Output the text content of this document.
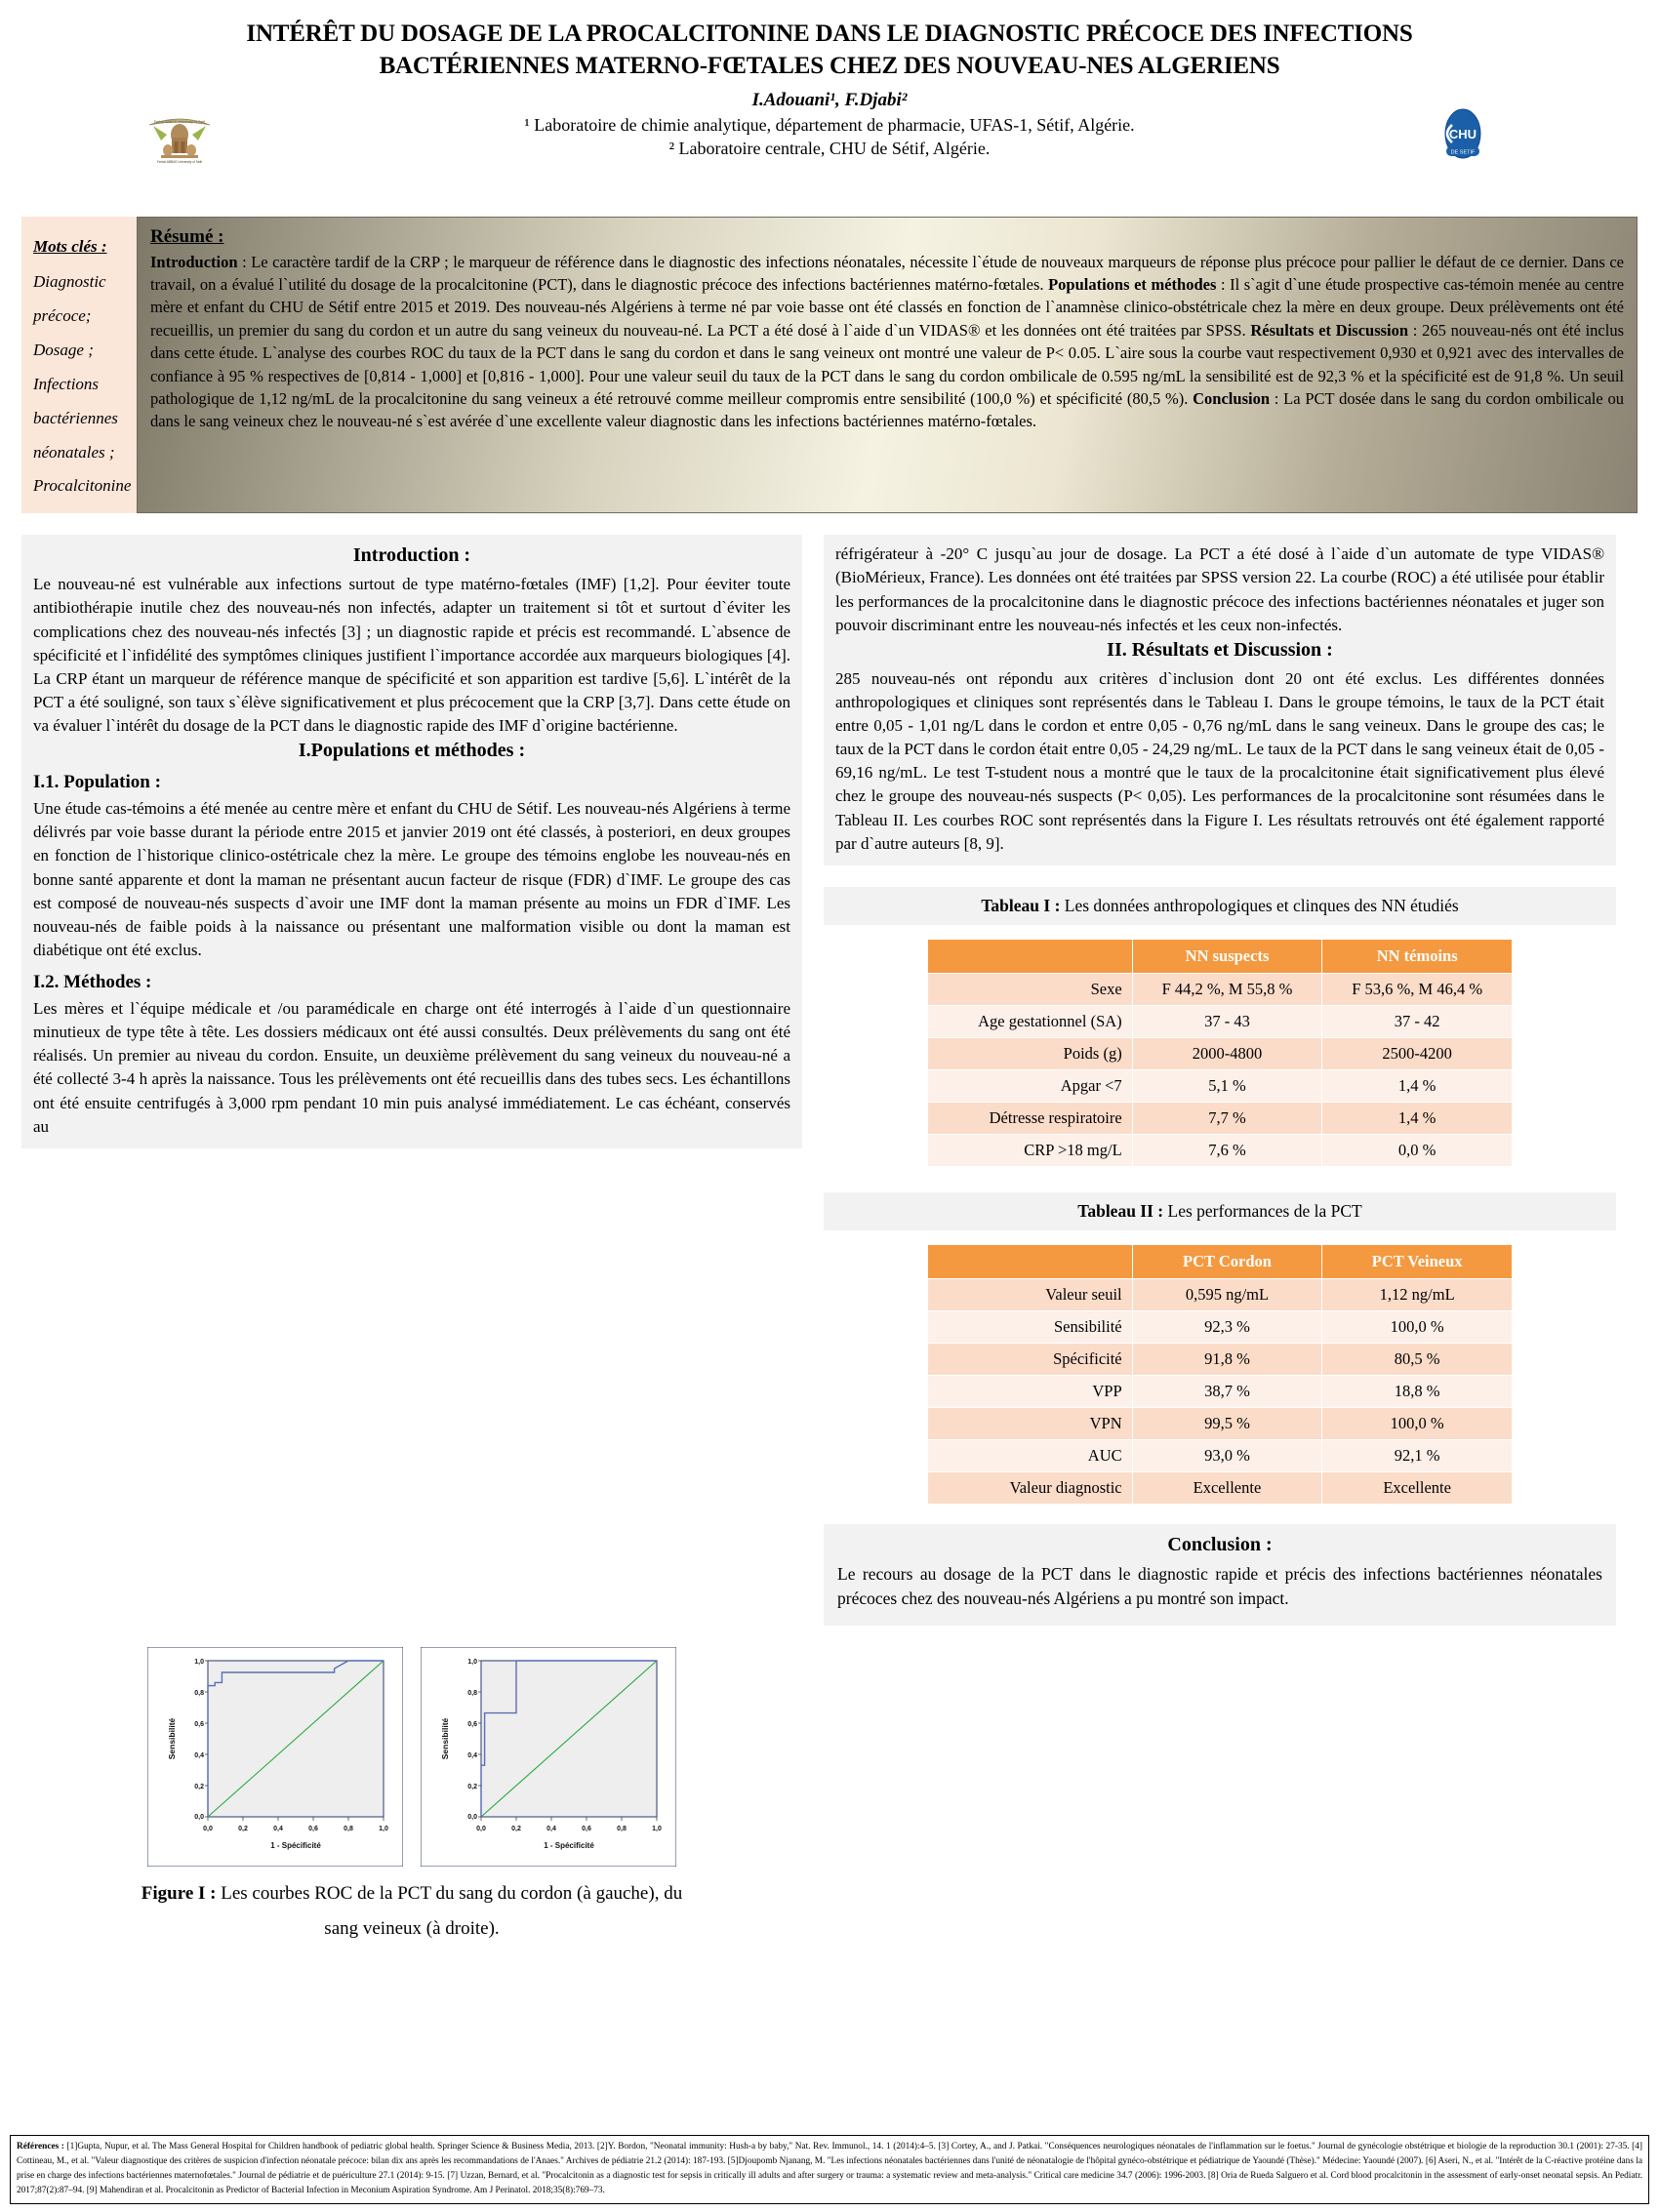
INTÉRÊT DU DOSAGE DE LA PROCALCITONINE DANS LE DIAGNOSTIC PRÉCOCE DES INFECTIONS
BACTÉRIENNES MATERNO-FŒTALES CHEZ DES NOUVEAU-NES ALGERIENS
I.Adouani¹, F.Djabi²
Ferhat ABBAS University of Setif
Ferhat ABBAS University of Setif
CHU
DE SETIF
¹ Laboratoire de chimie analytique, département de pharmacie, UFAS-1, Sétif, Algérie.
² Laboratoire centrale, CHU de Sétif, Algérie.
Mots clés :
Diagnostic
précoce;
Dosage ;
Infections
bactériennes
néonatales ;
Procalcitonine
Résumé :
Introduction : Le caractère tardif de la CRP ; le marqueur de référence dans le diagnostic des infections néonatales, nécessite l`étude de nouveaux marqueurs de réponse plus précoce pour pallier le défaut de ce dernier. Dans ce travail, on a évalué l`utilité du dosage de la procalcitonine (PCT), dans le diagnostic précoce des infections bactériennes matérno-fœtales. Populations et méthodes : Il s`agit d`une étude prospective cas-témoin menée au centre mère et enfant du CHU de Sétif entre 2015 et 2019. Des nouveau-nés Algériens à terme né par voie basse ont été classés en fonction de l`anamnèse clinico-obstétricale chez la mère en deux groupe. Deux prélèvements ont été recueillis, un premier du sang du cordon et un autre du sang veineux du nouveau-né. La PCT a été dosé à l`aide d`un VIDAS® et les données ont été traitées par SPSS. Résultats et Discussion : 265 nouveau-nés ont été inclus dans cette étude. L`analyse des courbes ROC du taux de la PCT dans le sang du cordon et dans le sang veineux ont montré une valeur de P< 0.05. L`aire sous la courbe vaut respectivement 0,930 et 0,921 avec des intervalles de confiance à 95 % respectives de [0,814 - 1,000] et [0,816 - 1,000]. Pour une valeur seuil du taux de la PCT dans le sang du cordon ombilicale de 0.595 ng/mL la sensibilité est de 92,3 % et la spécificité est de 91,8 %. Un seuil pathologique de 1,12 ng/mL de la procalcitonine du sang veineux a été retrouvé comme meilleur compromis entre sensibilité (100,0 %) et spécificité (80,5 %). Conclusion : La PCT dosée dans le sang du cordon ombilicale ou dans le sang veineux chez le nouveau-né s`est avérée d`une excellente valeur diagnostic dans les infections bactériennes matérno-fœtales.
Introduction :
Le nouveau-né est vulnérable aux infections surtout de type matérno-fœtales (IMF) [1,2]. Pour éeviter toute antibiothérapie inutile chez des nouveau-nés non infectés, adapter un traitement si tôt et surtout d`éviter les complications chez des nouveau-nés infectés [3] ; un diagnostic rapide et précis est recommandé. L`absence de spécificité et l`infidélité des symptômes cliniques justifient l`importance accordée aux marqueurs biologiques [4]. La CRP étant un marqueur de référence manque de spécificité et son apparition est tardive [5,6]. L`intérêt de la PCT a été souligné, son taux s`élève significativement et plus précocement que la CRP [3,7]. Dans cette étude on va évaluer l`intérêt du dosage de la PCT dans le diagnostic rapide des IMF d`origine bactérienne.
I.Populations et méthodes :
I.1. Population :
Une étude cas-témoins a été menée au centre mère et enfant du CHU de Sétif. Les nouveau-nés Algériens à terme délivrés par voie basse durant la période entre 2015 et janvier 2019 ont été classés, à posteriori, en deux groupes en fonction de l`historique clinico-ostétricale chez la mère. Le groupe des témoins englobe les nouveau-nés en bonne santé apparente et dont la maman ne présentant aucun facteur de risque (FDR) d`IMF. Le groupe des cas est composé de nouveau-nés suspects d`avoir une IMF dont la maman présente au moins un FDR d`IMF. Les nouveau-nés de faible poids à la naissance ou présentant une malformation visible ou dont la maman est diabétique ont été exclus.
I.2. Méthodes :
Les mères et l`équipe médicale et /ou paramédicale en charge ont été interrogés à l`aide d`un questionnaire minutieux de type tête à tête. Les dossiers médicaux ont été aussi consultés. Deux prélèvements du sang ont été réalisés. Un premier au niveau du cordon. Ensuite, un deuxième prélèvement du sang veineux du nouveau-né a été collecté 3-4 h après la naissance. Tous les prélèvements ont été recueillis dans des tubes secs. Les échantillons ont été ensuite centrifugés à 3,000 rpm pendant 10 min puis analysé immédiatement. Le cas échéant, conservés au
réfrigérateur à -20° C jusqu`au jour de dosage. La PCT a été dosé à l`aide d`un automate de type VIDAS® (BioMérieux, France). Les données ont été traitées par SPSS version 22. La courbe (ROC) a été utilisée pour établir les performances de la procalcitonine dans le diagnostic précoce des infections bactériennes néonatales et juger son pouvoir discriminant entre les nouveau-nés infectés et les ceux non-infectés.
II. Résultats et Discussion :
285 nouveau-nés ont répondu aux critères d`inclusion dont 20 ont été exclus. Les différentes données anthropologiques et cliniques sont représentés dans le Tableau I. Dans le groupe témoins, le taux de la PCT était entre 0,05 - 1,01 ng/L dans le cordon et entre 0,05 - 0,76 ng/mL dans le sang veineux. Dans le groupe des cas; le taux de la PCT dans le cordon était entre 0,05 - 24,29 ng/mL. Le taux de la PCT dans le sang veineux était de 0,05 - 69,16 ng/mL. Le test T-student nous a montré que le taux de la procalcitonine était significativement plus élevé chez le groupe des nouveau-nés suspects (P< 0,05). Les performances de la procalcitonine sont résumées dans le Tableau II. Les courbes ROC sont représentés dans la Figure I. Les résultats retrouvés ont été également rapporté par d`autre auteurs [8, 9].
Tableau I : Les données anthropologiques et clinques des NN étudiés
	NN suspects	NN témoins
Sexe	F 44,2 %, M 55,8 %	F 53,6 %, M 46,4 %
Age gestationnel (SA)	37 - 43	37 - 42
Poids (g)	2000-4800	2500-4200
Apgar <7	5,1 %	1,4 %
Détresse respiratoire	7,7 %	1,4 %
CRP >18 mg/L	7,6 %	0,0 %
Tableau II : Les performances de la PCT
	PCT Cordon	PCT Veineux
Valeur seuil	0,595 ng/mL	1,12 ng/mL
Sensibilité	92,3 %	100,0 %
Spécificité	91,8 %	80,5 %
VPP	38,7 %	18,8 %
VPN	99,5 %	100,0 %
AUC	93,0 %	92,1 %
Valeur diagnostic	Excellente	Excellente
Conclusion :
Le recours au dosage de la PCT dans le diagnostic rapide et précis des infections bactériennes néonatales précoces chez des nouveau-nés Algériens a pu montré son impact.
1,0
0,8
0,6
0,4
0,2
0,0
0,0	0,2	0,4	0,6	0,8	1,0
1 - Spécificité
Sensibilité
1,0
0,8
0,6
0,4
0,2
0,0
0,0	0,2	0,4	0,6	0,8	1,0
1 - Spécificité
Sensibilité
Figure I : Les courbes ROC de la PCT du sang du cordon (à gauche), du
sang veineux (à droite).
Références : [1]Gupta, Nupur, et al. The Mass General Hospital for Children handbook of pediatric global health. Springer Science & Business Media, 2013. [2]Y. Bordon, "Neonatal immunity: Hush-a by baby," Nat. Rev. Immunol., 14. 1 (2014):4–5. [3] Cortey, A., and J. Patkai. "Conséquences neurologiques néonatales de l'inflammation sur le foetus." Journal de gynécologie obstétrique et biologie de la reproduction 30.1 (2001): 27-35. [4] Cottineau, M., et al. "Valeur diagnostique des critères de suspicion d'infection néonatale précoce: bilan dix ans après les recommandations de l'Anaes." Archives de pédiatrie 21.2 (2014): 187-193. [5]Djoupomb Njanang, M. "Les infections néonatales bactériennes dans l'unité de néonatalogie de l'hôpital gynéco-obstétrique et pédiatrique de Yaoundé (Thèse)." Médecine: Yaoundé (2007). [6] Aseri, N., et al. "Intérêt de la C-réactive protéine dans la prise en charge des infections bactériennes maternofœtales." Journal de pédiatrie et de puériculture 27.1 (2014): 9-15. [7] Uzzan, Bernard, et al. "Procalcitonin as a diagnostic test for sepsis in critically ill adults and after surgery or trauma: a systematic review and meta-analysis." Critical care medicine 34.7 (2006): 1996-2003. [8] Oria de Rueda Salguero et al. Cord blood procalcitonin in the assessment of early-onset neonatal sepsis. An Pediatr. 2017;87(2):87–94. [9] Mahendiran et al. Procalcitonin as Predictor of Bacterial Infection in Meconium Aspiration Syndrome. Am J Perinatol. 2018;35(8):769–73.
